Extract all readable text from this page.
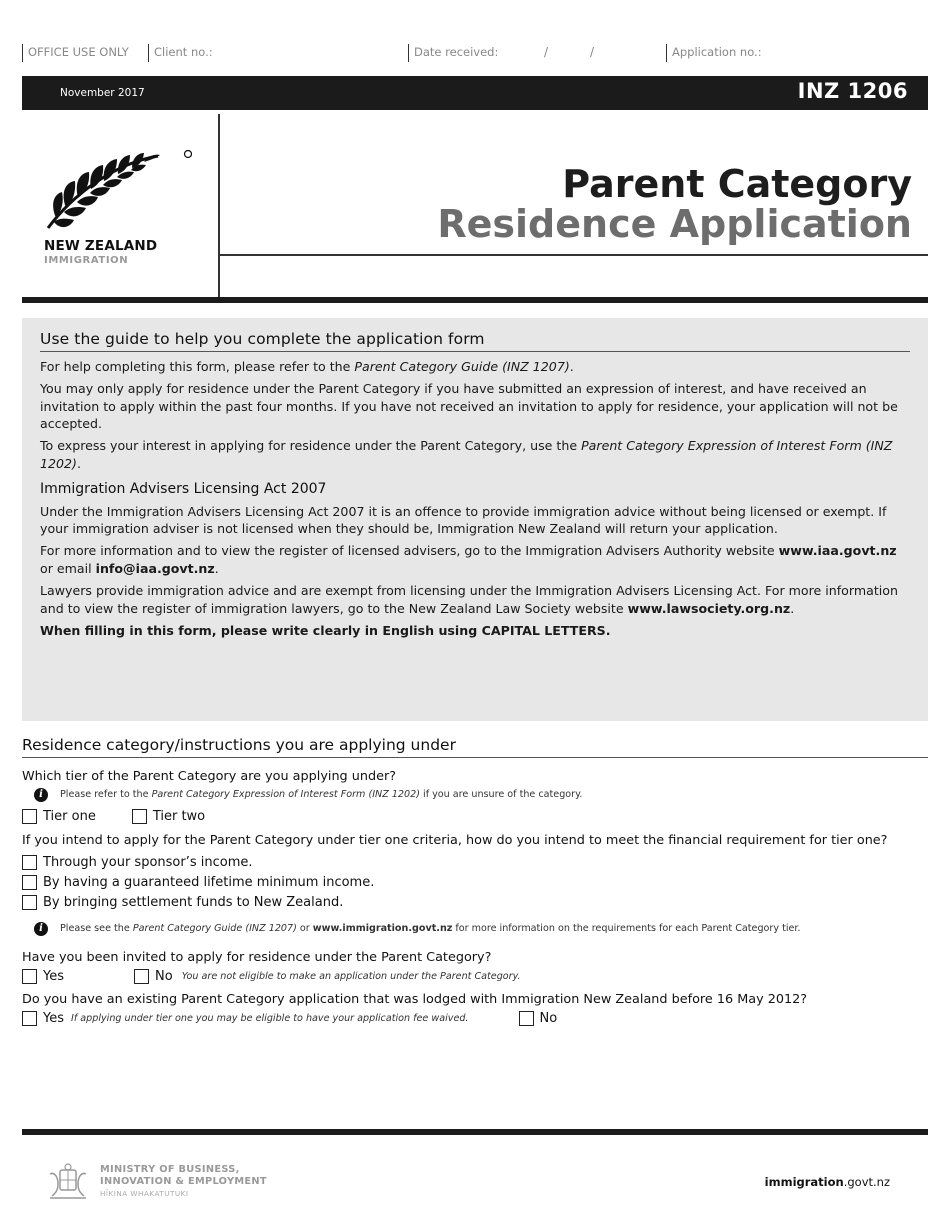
OFFICE USE ONLY	Client no.:	Date received:	/	/	Application no.:
November 2017	INZ 1206
NEW ZEALAND
IMMIGRATION
Parent Category
Residence Application
Use the guide to help you complete the application form

For help completing this form, please refer to the Parent Category Guide (INZ 1207).

You may only apply for residence under the Parent Category if you have submitted an expression of interest, and have received an invitation to apply within the past four months. If you have not received an invitation to apply for residence, your application will not be accepted.

To express your interest in applying for residence under the Parent Category, use the Parent Category Expression of Interest Form (INZ 1202).

Immigration Advisers Licensing Act 2007

Under the Immigration Advisers Licensing Act 2007 it is an offence to provide immigration advice without being licensed or exempt. If your immigration adviser is not licensed when they should be, Immigration New Zealand will return your application.

For more information and to view the register of licensed advisers, go to the Immigration Advisers Authority website www.iaa.govt.nz or email info@iaa.govt.nz.

Lawyers provide immigration advice and are exempt from licensing under the Immigration Advisers Licensing Act. For more information and to view the register of immigration lawyers, go to the New Zealand Law Society website www.lawsociety.org.nz.

When filling in this form, please write clearly in English using CAPITAL LETTERS.

Residence category/instructions you are applying under
Which tier of the Parent Category are you applying under?
i	Please refer to the Parent Category Expression of Interest Form (INZ 1202) if you are unsure of the category.
Tier one	Tier two
If you intend to apply for the Parent Category under tier one criteria, how do you intend to meet the financial requirement for tier one?
Through your sponsor’s income.
By having a guaranteed lifetime minimum income.
By bringing settlement funds to New Zealand.
i	Please see the Parent Category Guide (INZ 1207) or www.immigration.govt.nz for more information on the requirements for each Parent Category tier.
Have you been invited to apply for residence under the Parent Category?
Yes	No You are not eligible to make an application under the Parent Category.
Do you have an existing Parent Category application that was lodged with Immigration New Zealand before 16 May 2012?
Yes If applying under tier one you may be eligible to have your application fee waived.	No
MINISTRY OF BUSINESS,
INNOVATION & EMPLOYMENT
HĪKINA WHAKATUTUKI
immigration.govt.nz
